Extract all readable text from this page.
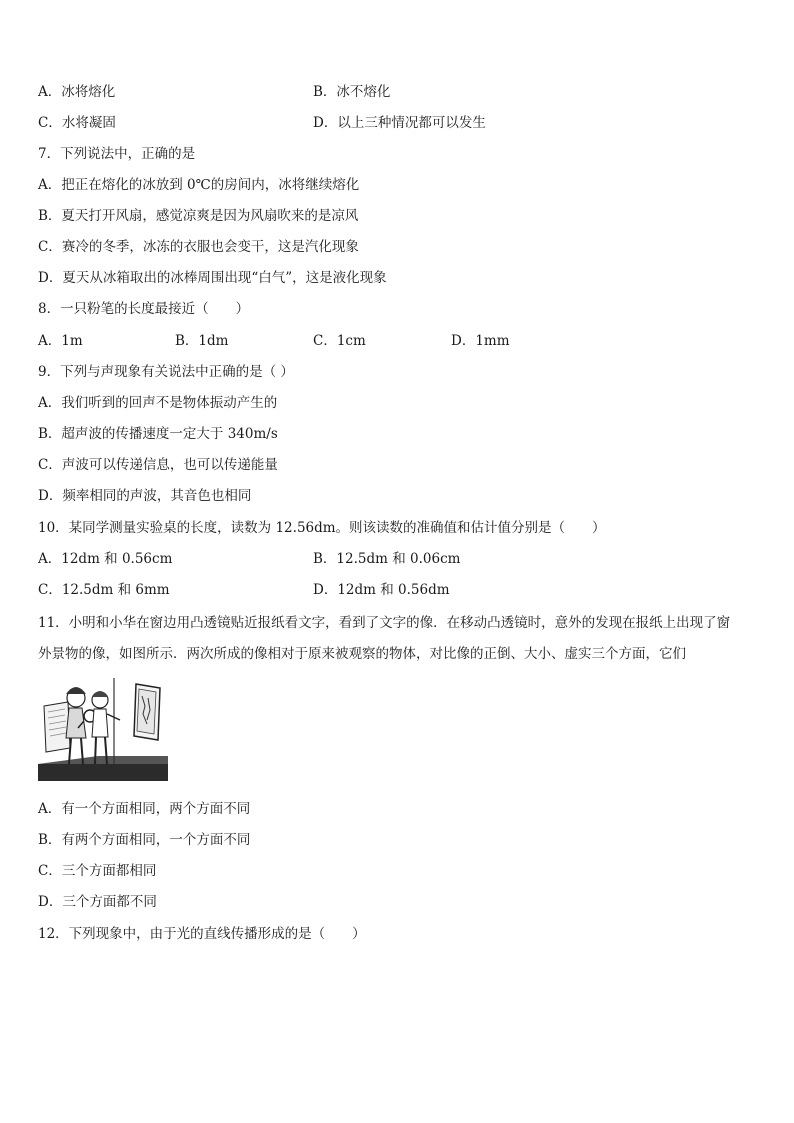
A．冰将熔化	B．冰不熔化
C．水将凝固	D．以上三种情况都可以发生
7．下列说法中，正确的是
A．把正在熔化的冰放到 0℃的房间内，冰将继续熔化
B．夏天打开风扇，感觉凉爽是因为风扇吹来的是凉风
C．赛冷的冬季，冰冻的衣服也会变干，这是汽化现象
D．夏天从冰箱取出的冰棒周围出现“白气”，这是液化现象
8．一只粉笔的长度最接近（　　）
A．1m	B．1dm	C．1cm	D．1mm
9．下列与声现象有关说法中正确的是（ ）
A．我们听到的回声不是物体振动产生的
B．超声波的传播速度一定大于 340m/s
C．声波可以传递信息，也可以传递能量
D．频率相同的声波，其音色也相同
10．某同学测量实验桌的长度，读数为 12.56dm。则该读数的准确值和估计值分别是（　　）
A．12dm 和 0.56cm	B．12.5dm 和 0.06cm
C．12.5dm 和 6mm	D．12dm 和 0.56dm
11．小明和小华在窗边用凸透镜贴近报纸看文字，看到了文字的像．在移动凸透镜时，意外的发现在报纸上出现了窗
外景物的像，如图所示．两次所成的像相对于原来被观察的物体，对比像的正倒、大小、虚实三个方面，它们
A．有一个方面相同，两个方面不同
B．有两个方面相同，一个方面不同
C．三个方面都相同
D．三个方面都不同
12．下列现象中，由于光的直线传播形成的是（　　）
